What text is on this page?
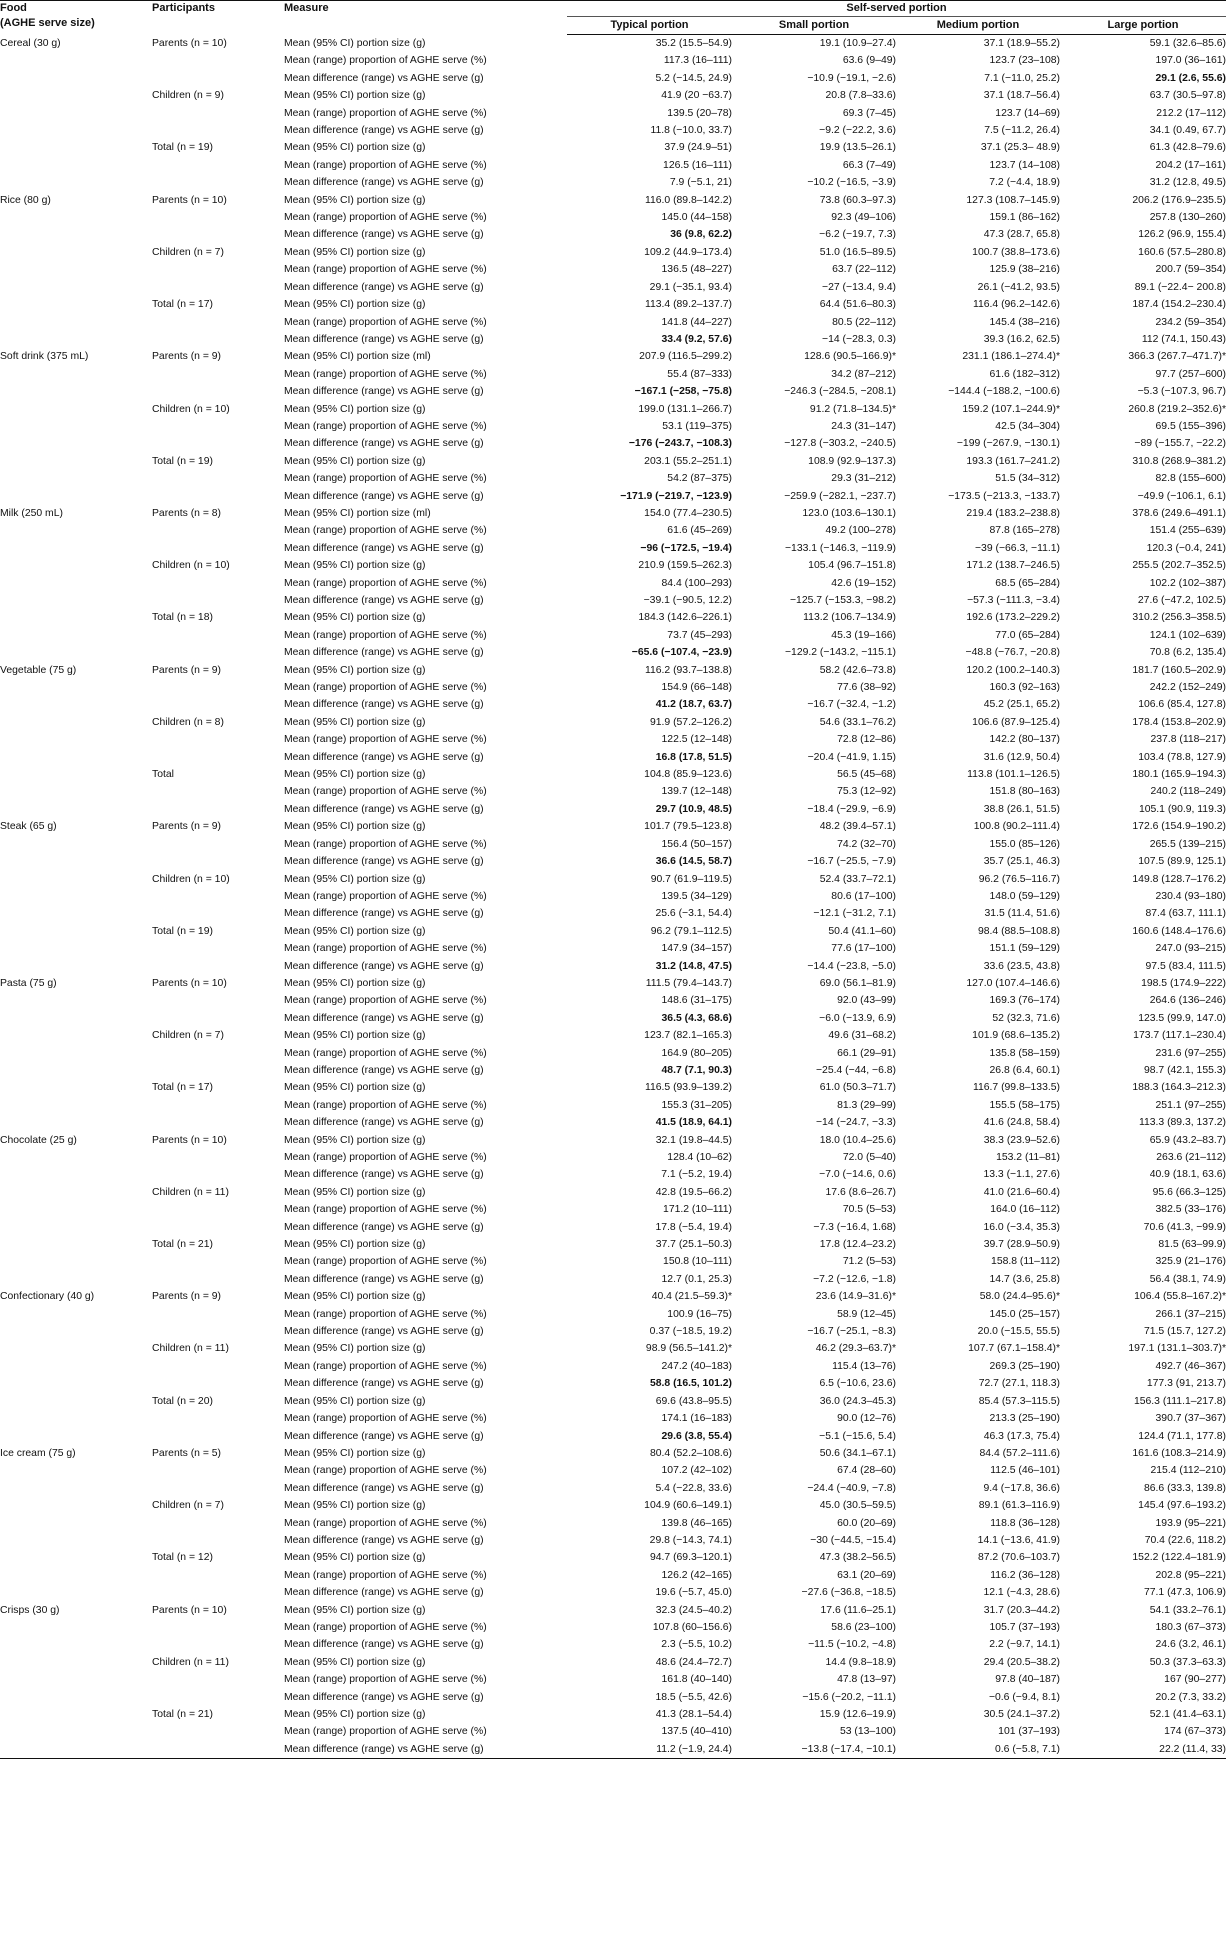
Food
(AGHE serve size)	Participants	Measure	Self-served portion			
			Typical portion	Small portion	Medium portion	Large portion
Cereal (30 g)	Parents (n = 10)	Mean (95% CI) portion size (g)	35.2 (15.5–54.9)	19.1 (10.9–27.4)	37.1 (18.9–55.2)	59.1 (32.6–85.6)
		Mean (range) proportion of AGHE serve (%)	117.3 (16–111)	63.6 (9–49)	123.7 (23–108)	197.0 (36–161)
		Mean difference (range) vs AGHE serve (g)	5.2 (−14.5, 24.9)	−10.9 (−19.1, −2.6)	7.1 (−11.0, 25.2)	29.1 (2.6, 55.6)
	Children (n = 9)	Mean (95% CI) portion size (g)	41.9 (20 −63.7)	20.8 (7.8–33.6)	37.1 (18.7–56.4)	63.7 (30.5–97.8)
		Mean (range) proportion of AGHE serve (%)	139.5 (20–78)	69.3 (7–45)	123.7 (14–69)	212.2 (17–112)
		Mean difference (range) vs AGHE serve (g)	11.8 (−10.0, 33.7)	−9.2 (−22.2, 3.6)	7.5 (−11.2, 26.4)	34.1 (0.49, 67.7)
	Total (n = 19)	Mean (95% CI) portion size (g)	37.9 (24.9–51)	19.9 (13.5–26.1)	37.1 (25.3– 48.9)	61.3 (42.8–79.6)
		Mean (range) proportion of AGHE serve (%)	126.5 (16–111)	66.3 (7–49)	123.7 (14–108)	204.2 (17–161)
		Mean difference (range) vs AGHE serve (g)	7.9 (−5.1, 21)	−10.2 (−16.5, −3.9)	7.2 (−4.4, 18.9)	31.2 (12.8, 49.5)
Rice (80 g)	Parents (n = 10)	Mean (95% CI) portion size (g)	116.0 (89.8–142.2)	73.8 (60.3–97.3)	127.3 (108.7–145.9)	206.2 (176.9–235.5)
		Mean (range) proportion of AGHE serve (%)	145.0 (44–158)	92.3 (49–106)	159.1 (86–162)	257.8 (130–260)
		Mean difference (range) vs AGHE serve (g)	36 (9.8, 62.2)	−6.2 (−19.7, 7.3)	47.3 (28.7, 65.8)	126.2 (96.9, 155.4)
	Children (n = 7)	Mean (95% CI) portion size (g)	109.2 (44.9–173.4)	51.0 (16.5–89.5)	100.7 (38.8–173.6)	160.6 (57.5–280.8)
		Mean (range) proportion of AGHE serve (%)	136.5 (48–227)	63.7 (22–112)	125.9 (38–216)	200.7 (59–354)
		Mean difference (range) vs AGHE serve (g)	29.1 (−35.1, 93.4)	−27 (−13.4, 9.4)	26.1 (−41.2, 93.5)	89.1 (−22.4− 200.8)
	Total (n = 17)	Mean (95% CI) portion size (g)	113.4 (89.2–137.7)	64.4 (51.6–80.3)	116.4 (96.2–142.6)	187.4 (154.2–230.4)
		Mean (range) proportion of AGHE serve (%)	141.8 (44–227)	80.5 (22–112)	145.4 (38–216)	234.2 (59–354)
		Mean difference (range) vs AGHE serve (g)	33.4 (9.2, 57.6)	−14 (−28.3, 0.3)	39.3 (16.2, 62.5)	112 (74.1, 150.43)
Soft drink (375 mL)	Parents (n = 9)	Mean (95% CI) portion size (ml)	207.9 (116.5–299.2)	128.6 (90.5–166.9)*	231.1 (186.1–274.4)*	366.3 (267.7–471.7)*
		Mean (range) proportion of AGHE serve (%)	55.4 (87–333)	34.2 (87–212)	61.6 (182–312)	97.7 (257–600)
		Mean difference (range) vs AGHE serve (g)	−167.1 (−258, −75.8)	−246.3 (−284.5, −208.1)	−144.4 (−188.2, −100.6)	−5.3 (−107.3, 96.7)
	Children (n = 10)	Mean (95% CI) portion size (g)	199.0 (131.1–266.7)	91.2 (71.8–134.5)*	159.2 (107.1–244.9)*	260.8 (219.2–352.6)*
		Mean (range) proportion of AGHE serve (%)	53.1 (119–375)	24.3 (31–147)	42.5 (34–304)	69.5 (155–396)
		Mean difference (range) vs AGHE serve (g)	−176 (−243.7, −108.3)	−127.8 (−303.2, −240.5)	−199 (−267.9, −130.1)	−89 (−155.7, −22.2)
	Total (n = 19)	Mean (95% CI) portion size (g)	203.1 (55.2–251.1)	108.9 (92.9–137.3)	193.3 (161.7–241.2)	310.8 (268.9–381.2)
		Mean (range) proportion of AGHE serve (%)	54.2 (87–375)	29.3 (31–212)	51.5 (34–312)	82.8 (155–600)
		Mean difference (range) vs AGHE serve (g)	−171.9 (−219.7, −123.9)	−259.9 (−282.1, −237.7)	−173.5 (−213.3, −133.7)	−49.9 (−106.1, 6.1)
Milk (250 mL)	Parents (n = 8)	Mean (95% CI) portion size (ml)	154.0 (77.4–230.5)	123.0 (103.6–130.1)	219.4 (183.2–238.8)	378.6 (249.6–491.1)
		Mean (range) proportion of AGHE serve (%)	61.6 (45–269)	49.2 (100–278)	87.8 (165–278)	151.4 (255–639)
		Mean difference (range) vs AGHE serve (g)	−96 (−172.5, −19.4)	−133.1 (−146.3, −119.9)	−39 (−66.3, −11.1)	120.3 (−0.4, 241)
	Children (n = 10)	Mean (95% CI) portion size (g)	210.9 (159.5–262.3)	105.4 (96.7–151.8)	171.2 (138.7–246.5)	255.5 (202.7–352.5)
		Mean (range) proportion of AGHE serve (%)	84.4 (100–293)	42.6 (19–152)	68.5 (65–284)	102.2 (102–387)
		Mean difference (range) vs AGHE serve (g)	−39.1 (−90.5, 12.2)	−125.7 (−153.3, −98.2)	−57.3 (−111.3, −3.4)	27.6 (−47.2, 102.5)
	Total (n = 18)	Mean (95% CI) portion size (g)	184.3 (142.6–226.1)	113.2 (106.7–134.9)	192.6 (173.2–229.2)	310.2 (256.3–358.5)
		Mean (range) proportion of AGHE serve (%)	73.7 (45–293)	45.3 (19–166)	77.0 (65–284)	124.1 (102–639)
		Mean difference (range) vs AGHE serve (g)	−65.6 (−107.4, −23.9)	−129.2 (−143.2, −115.1)	−48.8 (−76.7, −20.8)	70.8 (6.2, 135.4)
Vegetable (75 g)	Parents (n = 9)	Mean (95% CI) portion size (g)	116.2 (93.7–138.8)	58.2 (42.6–73.8)	120.2 (100.2–140.3)	181.7 (160.5–202.9)
		Mean (range) proportion of AGHE serve (%)	154.9 (66–148)	77.6 (38–92)	160.3 (92–163)	242.2 (152–249)
		Mean difference (range) vs AGHE serve (g)	41.2 (18.7, 63.7)	−16.7 (−32.4, −1.2)	45.2 (25.1, 65.2)	106.6 (85.4, 127.8)
	Children (n = 8)	Mean (95% CI) portion size (g)	91.9 (57.2–126.2)	54.6 (33.1–76.2)	106.6 (87.9–125.4)	178.4 (153.8–202.9)
		Mean (range) proportion of AGHE serve (%)	122.5 (12–148)	72.8 (12–86)	142.2 (80–137)	237.8 (118–217)
		Mean difference (range) vs AGHE serve (g)	16.8 (17.8, 51.5)	−20.4 (−41.9, 1.15)	31.6 (12.9, 50.4)	103.4 (78.8, 127.9)
	Total	Mean (95% CI) portion size (g)	104.8 (85.9–123.6)	56.5 (45–68)	113.8 (101.1–126.5)	180.1 (165.9–194.3)
		Mean (range) proportion of AGHE serve (%)	139.7 (12–148)	75.3 (12–92)	151.8 (80–163)	240.2 (118–249)
		Mean difference (range) vs AGHE serve (g)	29.7 (10.9, 48.5)	−18.4 (−29.9, −6.9)	38.8 (26.1, 51.5)	105.1 (90.9, 119.3)
Steak (65 g)	Parents (n = 9)	Mean (95% CI) portion size (g)	101.7 (79.5–123.8)	48.2 (39.4–57.1)	100.8 (90.2–111.4)	172.6 (154.9–190.2)
		Mean (range) proportion of AGHE serve (%)	156.4 (50–157)	74.2 (32–70)	155.0 (85–126)	265.5 (139–215)
		Mean difference (range) vs AGHE serve (g)	36.6 (14.5, 58.7)	−16.7 (−25.5, −7.9)	35.7 (25.1, 46.3)	107.5 (89.9, 125.1)
	Children (n = 10)	Mean (95% CI) portion size (g)	90.7 (61.9–119.5)	52.4 (33.7–72.1)	96.2 (76.5–116.7)	149.8 (128.7–176.2)
		Mean (range) proportion of AGHE serve (%)	139.5 (34–129)	80.6 (17–100)	148.0 (59–129)	230.4 (93–180)
		Mean difference (range) vs AGHE serve (g)	25.6 (−3.1, 54.4)	−12.1 (−31.2, 7.1)	31.5 (11.4, 51.6)	87.4 (63.7, 111.1)
	Total (n = 19)	Mean (95% CI) portion size (g)	96.2 (79.1–112.5)	50.4 (41.1–60)	98.4 (88.5–108.8)	160.6 (148.4–176.6)
		Mean (range) proportion of AGHE serve (%)	147.9 (34–157)	77.6 (17–100)	151.1 (59–129)	247.0 (93–215)
		Mean difference (range) vs AGHE serve (g)	31.2 (14.8, 47.5)	−14.4 (−23.8, −5.0)	33.6 (23.5, 43.8)	97.5 (83.4, 111.5)
Pasta (75 g)	Parents (n = 10)	Mean (95% CI) portion size (g)	111.5 (79.4–143.7)	69.0 (56.1–81.9)	127.0 (107.4–146.6)	198.5 (174.9–222)
		Mean (range) proportion of AGHE serve (%)	148.6 (31–175)	92.0 (43–99)	169.3 (76–174)	264.6 (136–246)
		Mean difference (range) vs AGHE serve (g)	36.5 (4.3, 68.6)	−6.0 (−13.9, 6.9)	52 (32.3, 71.6)	123.5 (99.9, 147.0)
	Children (n = 7)	Mean (95% CI) portion size (g)	123.7 (82.1–165.3)	49.6 (31–68.2)	101.9 (68.6–135.2)	173.7 (117.1–230.4)
		Mean (range) proportion of AGHE serve (%)	164.9 (80–205)	66.1 (29–91)	135.8 (58–159)	231.6 (97–255)
		Mean difference (range) vs AGHE serve (g)	48.7 (7.1, 90.3)	−25.4 (−44, −6.8)	26.8 (6.4, 60.1)	98.7 (42.1, 155.3)
	Total (n = 17)	Mean (95% CI) portion size (g)	116.5 (93.9–139.2)	61.0 (50.3–71.7)	116.7 (99.8–133.5)	188.3 (164.3–212.3)
		Mean (range) proportion of AGHE serve (%)	155.3 (31–205)	81.3 (29–99)	155.5 (58–175)	251.1 (97–255)
		Mean difference (range) vs AGHE serve (g)	41.5 (18.9, 64.1)	−14 (−24.7, −3.3)	41.6 (24.8, 58.4)	113.3 (89.3, 137.2)
Chocolate (25 g)	Parents (n = 10)	Mean (95% CI) portion size (g)	32.1 (19.8–44.5)	18.0 (10.4–25.6)	38.3 (23.9–52.6)	65.9 (43.2–83.7)
		Mean (range) proportion of AGHE serve (%)	128.4 (10–62)	72.0 (5–40)	153.2 (11–81)	263.6 (21–112)
		Mean difference (range) vs AGHE serve (g)	7.1 (−5.2, 19.4)	−7.0 (−14.6, 0.6)	13.3 (−1.1, 27.6)	40.9 (18.1, 63.6)
	Children (n = 11)	Mean (95% CI) portion size (g)	42.8 (19.5–66.2)	17.6 (8.6–26.7)	41.0 (21.6–60.4)	95.6 (66.3–125)
		Mean (range) proportion of AGHE serve (%)	171.2 (10–111)	70.5 (5–53)	164.0 (16–112)	382.5 (33–176)
		Mean difference (range) vs AGHE serve (g)	17.8 (−5.4, 19.4)	−7.3 (−16.4, 1.68)	16.0 (−3.4, 35.3)	70.6 (41.3, −99.9)
	Total (n = 21)	Mean (95% CI) portion size (g)	37.7 (25.1–50.3)	17.8 (12.4–23.2)	39.7 (28.9–50.9)	81.5 (63–99.9)
		Mean (range) proportion of AGHE serve (%)	150.8 (10–111)	71.2 (5–53)	158.8 (11–112)	325.9 (21–176)
		Mean difference (range) vs AGHE serve (g)	12.7 (0.1, 25.3)	−7.2 (−12.6, −1.8)	14.7 (3.6, 25.8)	56.4 (38.1, 74.9)
Confectionary (40 g)	Parents (n = 9)	Mean (95% CI) portion size (g)	40.4 (21.5–59.3)*	23.6 (14.9–31.6)*	58.0 (24.4–95.6)*	106.4 (55.8–167.2)*
		Mean (range) proportion of AGHE serve (%)	100.9 (16–75)	58.9 (12–45)	145.0 (25–157)	266.1 (37–215)
		Mean difference (range) vs AGHE serve (g)	0.37 (−18.5, 19.2)	−16.7 (−25.1, −8.3)	20.0 (−15.5, 55.5)	71.5 (15.7, 127.2)
	Children (n = 11)	Mean (95% CI) portion size (g)	98.9 (56.5–141.2)*	46.2 (29.3–63.7)*	107.7 (67.1–158.4)*	197.1 (131.1–303.7)*
		Mean (range) proportion of AGHE serve (%)	247.2 (40–183)	115.4 (13–76)	269.3 (25–190)	492.7 (46–367)
		Mean difference (range) vs AGHE serve (g)	58.8 (16.5, 101.2)	6.5 (−10.6, 23.6)	72.7 (27.1, 118.3)	177.3 (91, 213.7)
	Total (n = 20)	Mean (95% CI) portion size (g)	69.6 (43.8–95.5)	36.0 (24.3–45.3)	85.4 (57.3–115.5)	156.3 (111.1–217.8)
		Mean (range) proportion of AGHE serve (%)	174.1 (16–183)	90.0 (12–76)	213.3 (25–190)	390.7 (37–367)
		Mean difference (range) vs AGHE serve (g)	29.6 (3.8, 55.4)	−5.1 (−15.6, 5.4)	46.3 (17.3, 75.4)	124.4 (71.1, 177.8)
Ice cream (75 g)	Parents (n = 5)	Mean (95% CI) portion size (g)	80.4 (52.2–108.6)	50.6 (34.1–67.1)	84.4 (57.2–111.6)	161.6 (108.3–214.9)
		Mean (range) proportion of AGHE serve (%)	107.2 (42–102)	67.4 (28–60)	112.5 (46–101)	215.4 (112–210)
		Mean difference (range) vs AGHE serve (g)	5.4 (−22.8, 33.6)	−24.4 (−40.9, −7.8)	9.4 (−17.8, 36.6)	86.6 (33.3, 139.8)
	Children (n = 7)	Mean (95% CI) portion size (g)	104.9 (60.6–149.1)	45.0 (30.5–59.5)	89.1 (61.3–116.9)	145.4 (97.6–193.2)
		Mean (range) proportion of AGHE serve (%)	139.8 (46–165)	60.0 (20–69)	118.8 (36–128)	193.9 (95–221)
		Mean difference (range) vs AGHE serve (g)	29.8 (−14.3, 74.1)	−30 (−44.5, −15.4)	14.1 (−13.6, 41.9)	70.4 (22.6, 118.2)
	Total (n = 12)	Mean (95% CI) portion size (g)	94.7 (69.3–120.1)	47.3 (38.2–56.5)	87.2 (70.6–103.7)	152.2 (122.4–181.9)
		Mean (range) proportion of AGHE serve (%)	126.2 (42–165)	63.1 (20–69)	116.2 (36–128)	202.8 (95–221)
		Mean difference (range) vs AGHE serve (g)	19.6 (−5.7, 45.0)	−27.6 (−36.8, −18.5)	12.1 (−4.3, 28.6)	77.1 (47.3, 106.9)
Crisps (30 g)	Parents (n = 10)	Mean (95% CI) portion size (g)	32.3 (24.5–40.2)	17.6 (11.6–25.1)	31.7 (20.3–44.2)	54.1 (33.2–76.1)
		Mean (range) proportion of AGHE serve (%)	107.8 (60–156.6)	58.6 (23–100)	105.7 (37–193)	180.3 (67–373)
		Mean difference (range) vs AGHE serve (g)	2.3 (−5.5, 10.2)	−11.5 (−10.2, −4.8)	2.2 (−9.7, 14.1)	24.6 (3.2, 46.1)
	Children (n = 11)	Mean (95% CI) portion size (g)	48.6 (24.4–72.7)	14.4 (9.8–18.9)	29.4 (20.5–38.2)	50.3 (37.3–63.3)
		Mean (range) proportion of AGHE serve (%)	161.8 (40–140)	47.8 (13–97)	97.8 (40–187)	167 (90–277)
		Mean difference (range) vs AGHE serve (g)	18.5 (−5.5, 42.6)	−15.6 (−20.2, −11.1)	−0.6 (−9.4, 8.1)	20.2 (7.3, 33.2)
	Total (n = 21)	Mean (95% CI) portion size (g)	41.3 (28.1–54.4)	15.9 (12.6–19.9)	30.5 (24.1–37.2)	52.1 (41.4–63.1)
		Mean (range) proportion of AGHE serve (%)	137.5 (40–410)	53 (13–100)	101 (37–193)	174 (67–373)
		Mean difference (range) vs AGHE serve (g)	11.2 (−1.9, 24.4)	−13.8 (−17.4, −10.1)	0.6 (−5.8, 7.1)	22.2 (11.4, 33)
